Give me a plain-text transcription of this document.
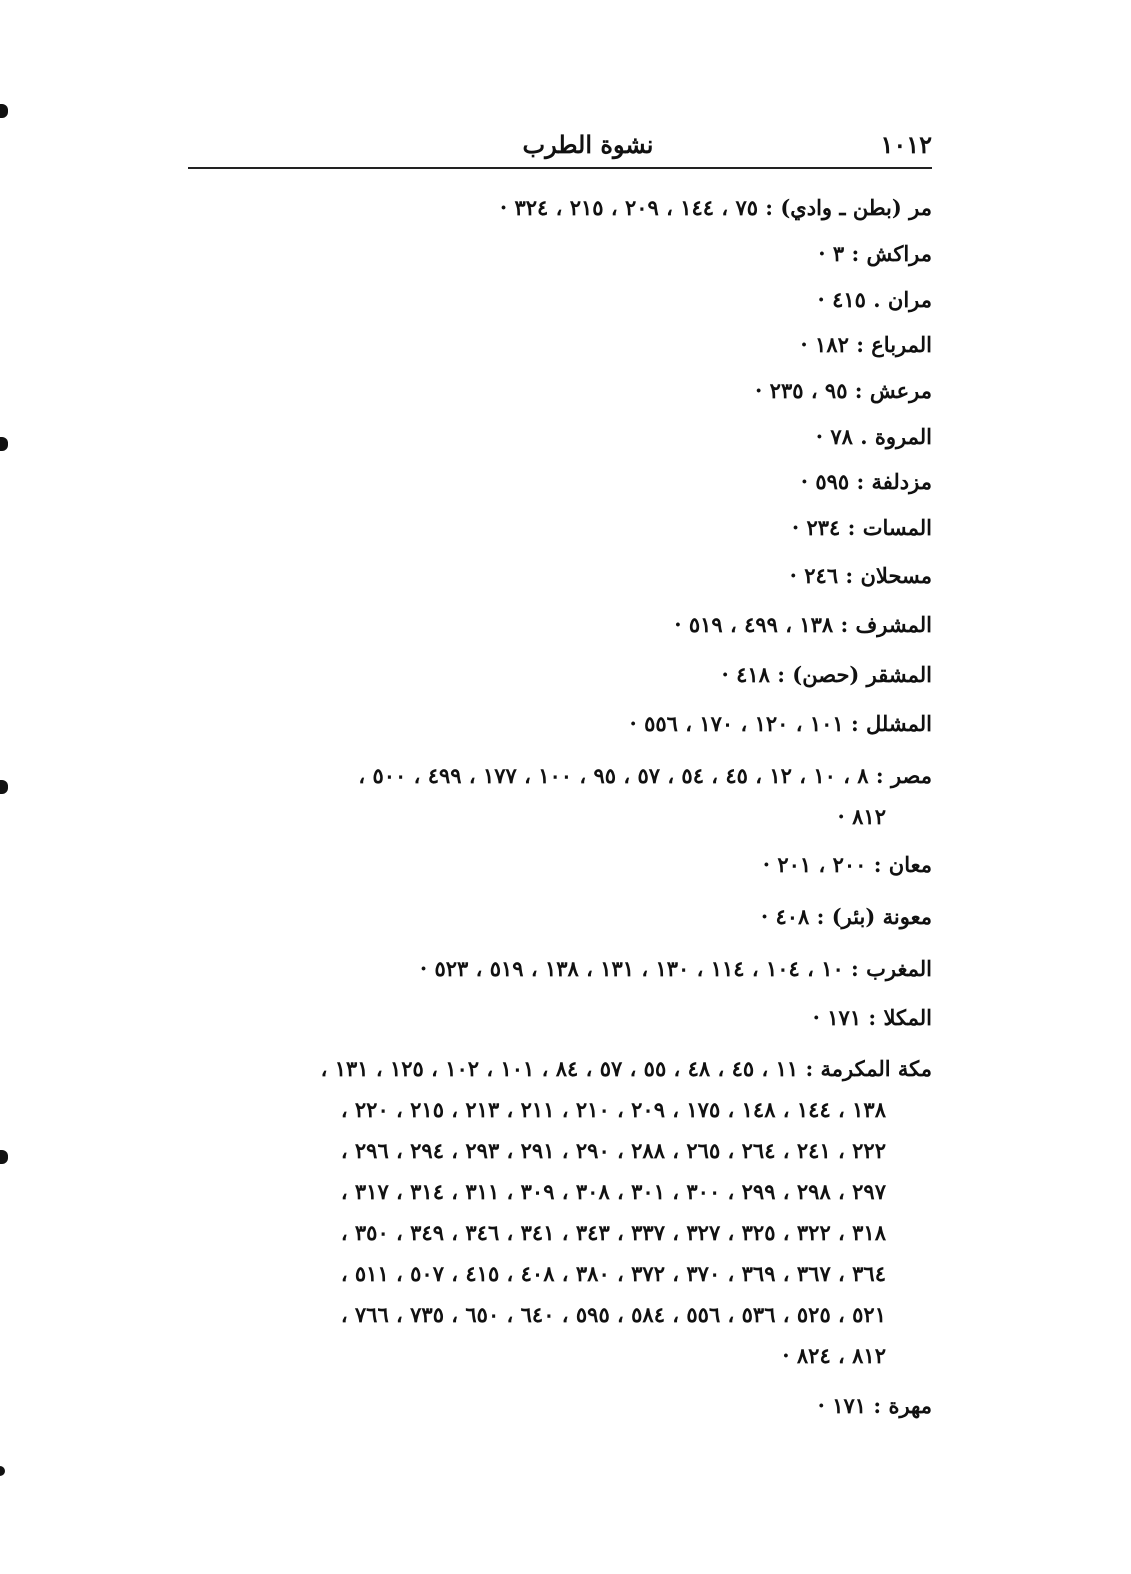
١٠١٢
نشوة الطرب
مر (بطن ـ وادي) : ٧٥ ، ١٤٤ ، ٢٠٩ ، ٢١٥ ، ٣٢٤ ·
مراكش : ٣ ·
مران . ٤١٥ ·
المرباع : ١٨٢ ·
مرعش : ٩٥ ، ٢٣٥ ·
المروة . ٧٨ ·
مزدلفة : ٥٩٥ ·
المسات : ٢٣٤ ·
مسحلان : ٢٤٦ ·
المشرف : ١٣٨ ، ٤٩٩ ، ٥١٩ ·
المشقر (حصن) : ٤١٨ ·
المشلل : ١٠١ ، ١٢٠ ، ١٧٠ ، ٥٥٦ ·
مصر : ٨ ، ١٠ ، ١٢ ، ٤٥ ، ٥٤ ، ٥٧ ، ٩٥ ، ١٠٠ ، ١٧٧ ، ٤٩٩ ، ٥٠٠ ،
٨١٢ ·
معان : ٢٠٠ ، ٢٠١ ·
معونة (بئر) : ٤٠٨ ·
المغرب : ١٠ ، ١٠٤ ، ١١٤ ، ١٣٠ ، ١٣١ ، ١٣٨ ، ٥١٩ ، ٥٢٣ ·
المكلا : ١٧١ ·
مكة المكرمة : ١١ ، ٤٥ ، ٤٨ ، ٥٥ ، ٥٧ ، ٨٤ ، ١٠١ ، ١٠٢ ، ١٢٥ ، ١٣١ ،
١٣٨ ، ١٤٤ ، ١٤٨ ، ١٧٥ ، ٢٠٩ ، ٢١٠ ، ٢١١ ، ٢١٣ ، ٢١٥ ، ٢٢٠ ،
٢٢٢ ، ٢٤١ ، ٢٦٤ ، ٢٦٥ ، ٢٨٨ ، ٢٩٠ ، ٢٩١ ، ٢٩٣ ، ٢٩٤ ، ٢٩٦ ،
٢٩٧ ، ٢٩٨ ، ٢٩٩ ، ٣٠٠ ، ٣٠١ ، ٣٠٨ ، ٣٠٩ ، ٣١١ ، ٣١٤ ، ٣١٧ ،
٣١٨ ، ٣٢٢ ، ٣٢٥ ، ٣٢٧ ، ٣٣٧ ، ٣٤٣ ، ٣٤١ ، ٣٤٦ ، ٣٤٩ ، ٣٥٠ ،
٣٦٤ ، ٣٦٧ ، ٣٦٩ ، ٣٧٠ ، ٣٧٢ ، ٣٨٠ ، ٤٠٨ ، ٤١٥ ، ٥٠٧ ، ٥١١ ،
٥٢١ ، ٥٢٥ ، ٥٣٦ ، ٥٥٦ ، ٥٨٤ ، ٥٩٥ ، ٦٤٠ ، ٦٥٠ ، ٧٣٥ ، ٧٦٦ ،
٨١٢ ، ٨٢٤ ·
مهرة : ١٧١ ·
